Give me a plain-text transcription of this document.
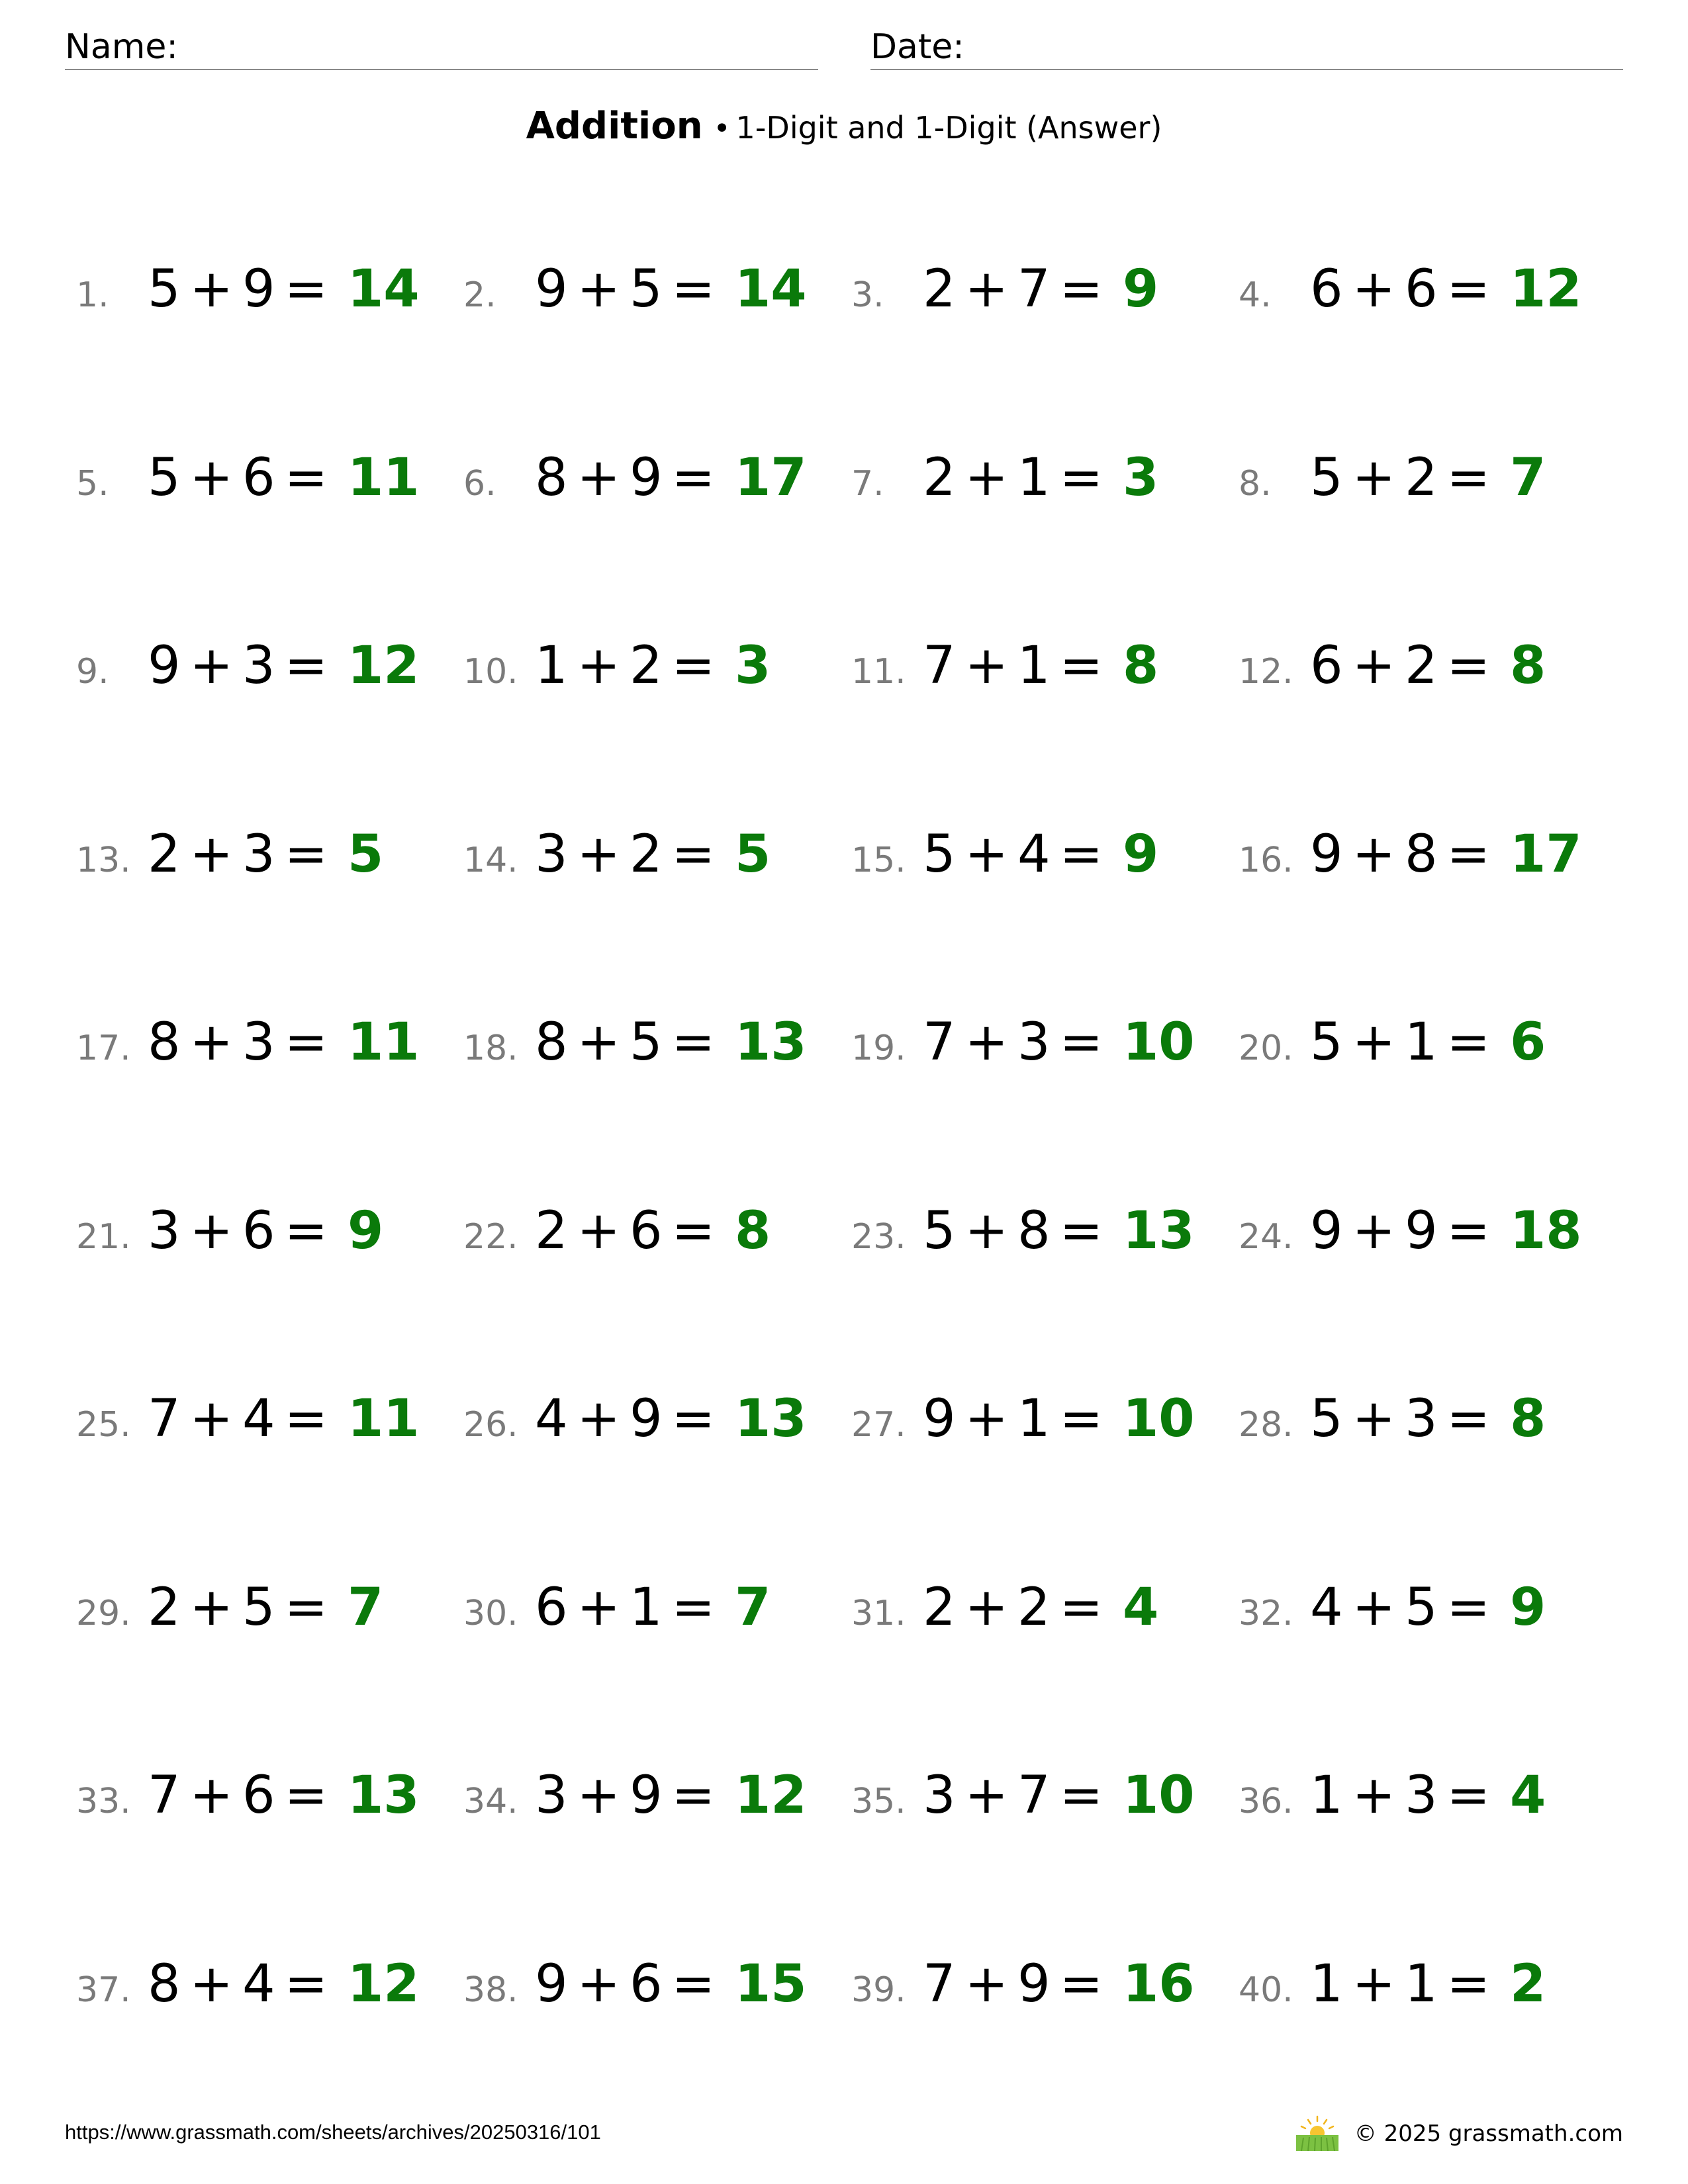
Name:	Date:
Addition • 1-Digit and 1-Digit (Answer)
1. 5 + 9 = 14 2. 9 + 5 = 14 3. 2 + 7 = 9 4. 6 + 6 = 12
5. 5 + 6 = 11 6. 8 + 9 = 17 7. 2 + 1 = 3 8. 5 + 2 = 7
9. 9 + 3 = 12 10. 1 + 2 = 3 11. 7 + 1 = 8 12. 6 + 2 = 8
13. 2 + 3 = 5 14. 3 + 2 = 5 15. 5 + 4 = 9 16. 9 + 8 = 17
17. 8 + 3 = 11 18. 8 + 5 = 13 19. 7 + 3 = 10 20. 5 + 1 = 6
21. 3 + 6 = 9 22. 2 + 6 = 8 23. 5 + 8 = 13 24. 9 + 9 = 18
25. 7 + 4 = 11 26. 4 + 9 = 13 27. 9 + 1 = 10 28. 5 + 3 = 8
29. 2 + 5 = 7 30. 6 + 1 = 7 31. 2 + 2 = 4 32. 4 + 5 = 9
33. 7 + 6 = 13 34. 3 + 9 = 12 35. 3 + 7 = 10 36. 1 + 3 = 4
37. 8 + 4 = 12 38. 9 + 6 = 15 39. 7 + 9 = 16 40. 1 + 1 = 2
https://www.grassmath.com/sheets/archives/20250316/101	© 2025 grassmath.com
